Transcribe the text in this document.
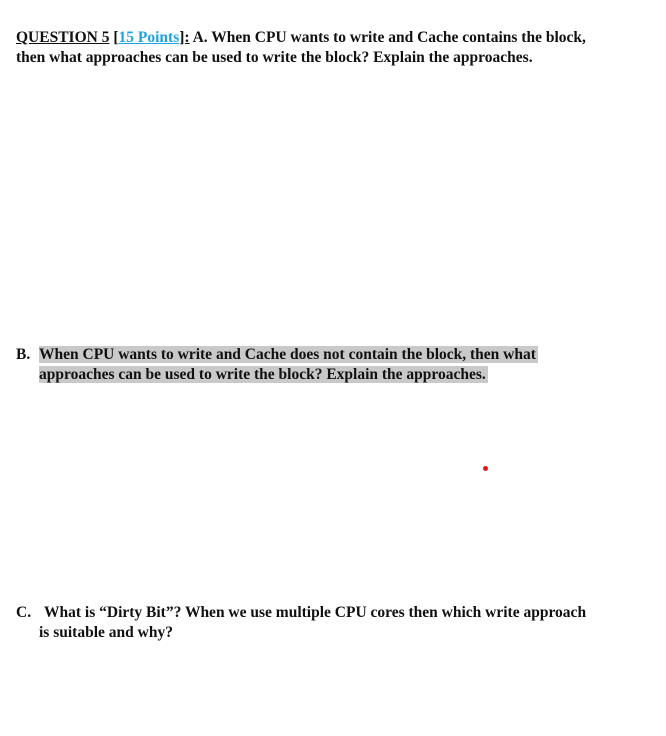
QUESTION 5 [15 Points]: A. When CPU wants to write and Cache contains the block,
then what approaches can be used to write the block? Explain the approaches.
B. When CPU wants to write and Cache does not contain the block, then what
approaches can be used to write the block? Explain the approaches.
C. What is “Dirty Bit”? When we use multiple CPU cores then which write approach
is suitable and why?
